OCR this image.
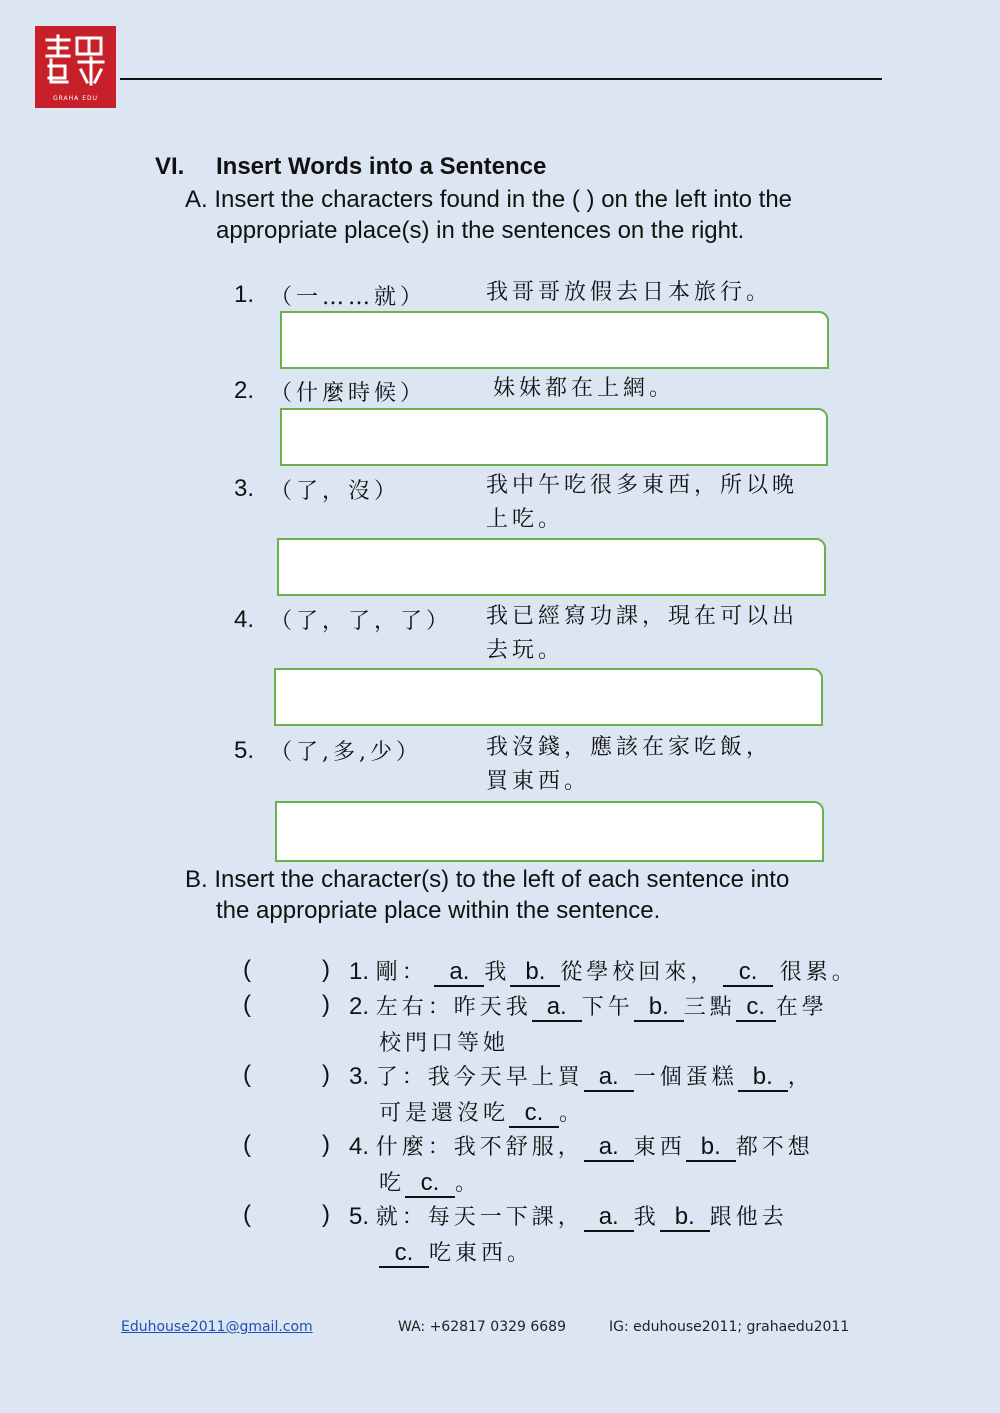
GRAHA EDU
VI. Insert Words into a Sentence
A. Insert the characters found in the ( ) on the left into the
appropriate place(s) in the sentences on the right.
1. （一……就）	我哥哥放假去日本旅行。
2. （什麼時候）	妹妹都在上網。
3. （了，沒）	我中午吃很多東西，所以晚
上吃。
4. （了，了，了） 我已經寫功課，現在可以出
去玩。
5. （了,多,少）	我沒錢，應該在家吃飯，
買東西。
B. Insert the character(s) to the left of each sentence into
the appropriate place within the sentence.
(	) 1. 剛： a. 我 b. 從學校回來， c. 很累。
(	) 2. 左右：昨天我 a. 下午 b. 三點 c. 在學
校門口等她
(	) 3. 了：我今天早上買 a. 一個蛋糕 b. ，
可是還沒吃 c. 。
(	) 4. 什麼：我不舒服， a. 東西 b. 都不想
吃 c. 。
(	) 5. 就：每天一下課， a. 我 b. 跟他去
c. 吃東西。
Eduhouse2011@gmail.com	WA: +62817 0329 6689	IG: eduhouse2011; grahaedu2011
